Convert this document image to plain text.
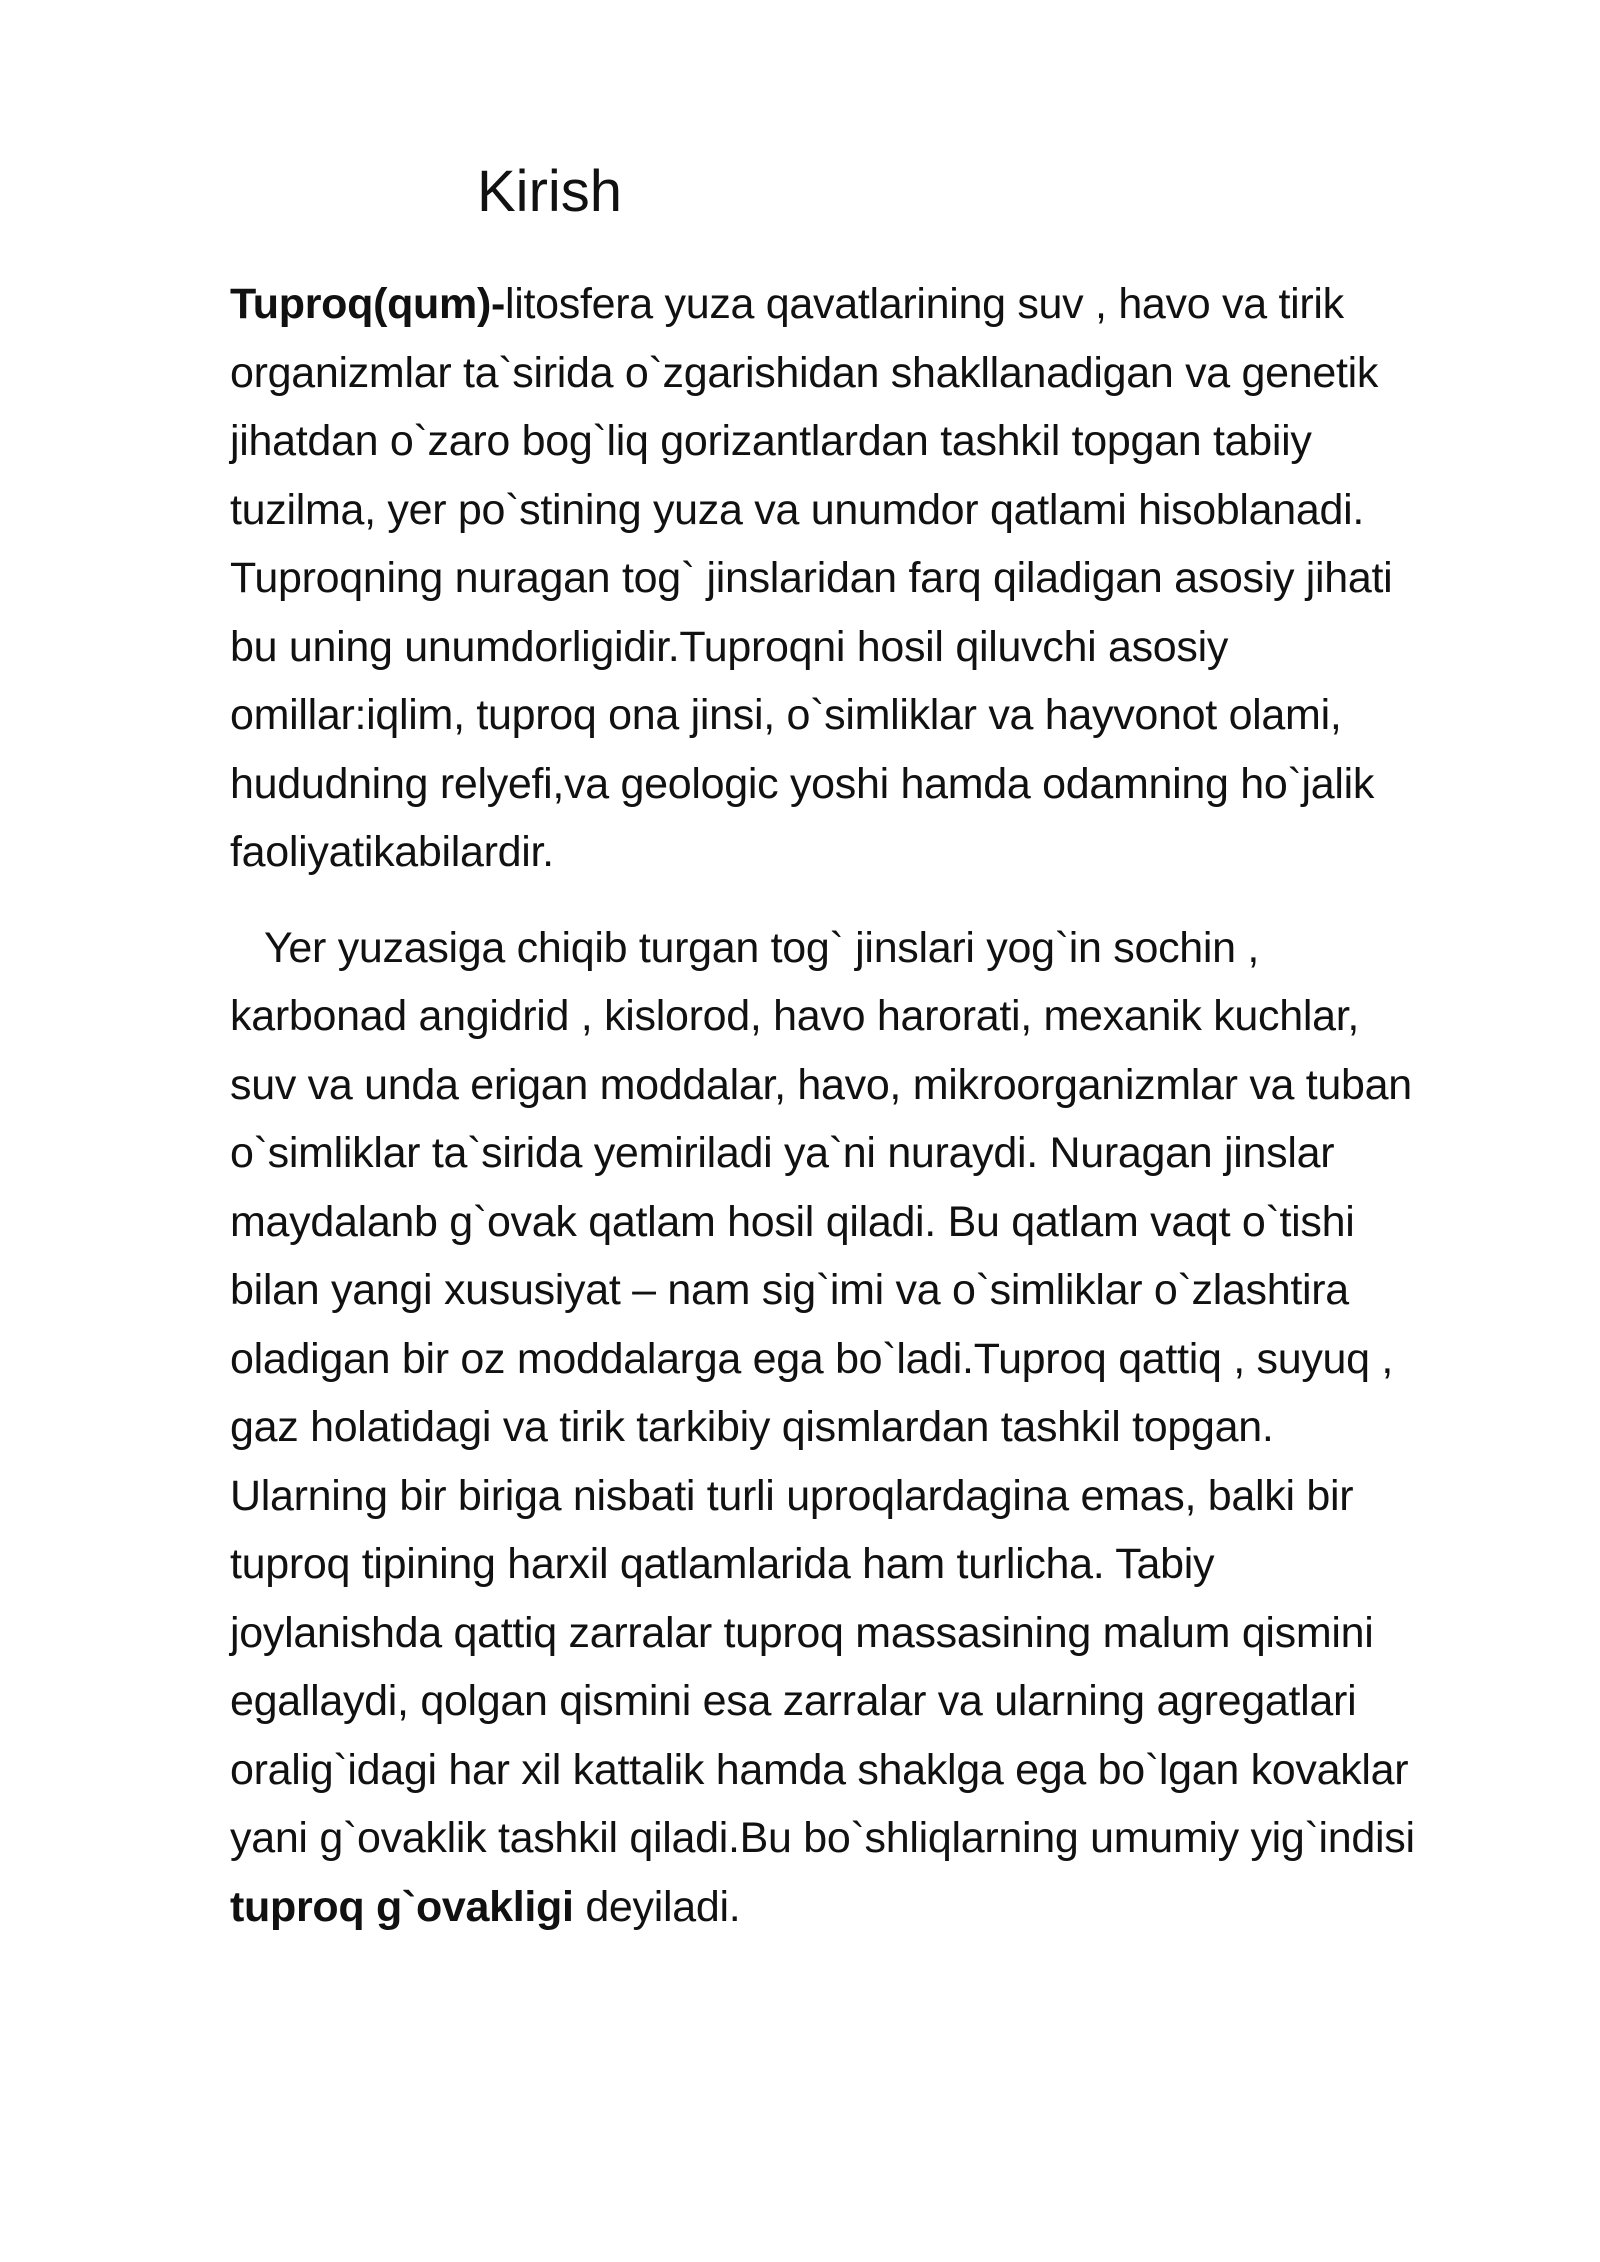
Kirish
Tuproq(qum)-litosfera yuza qavatlarining suv , havo va tirik
organizmlar ta`sirida o`zgarishidan shakllanadigan va genetik
jihatdan o`zaro bog`liq gorizantlardan tashkil topgan tabiiy
tuzilma, yer po`stining yuza va unumdor qatlami hisoblanadi.
Tuproqning nuragan tog` jinslaridan farq qiladigan asosiy jihati
bu uning unumdorligidir.Tuproqni hosil qiluvchi asosiy
omillar:iqlim, tuproq ona jinsi, o`simliklar va hayvonot olami,
hududning relyefi,va geologic yoshi hamda odamning ho`jalik
faoliyatikabilardir.
Yer yuzasiga chiqib turgan tog` jinslari yog`in sochin ,
karbonad angidrid , kislorod, havo harorati, mexanik kuchlar,
suv va unda erigan moddalar, havo, mikroorganizmlar va tuban
o`simliklar ta`sirida yemiriladi ya`ni nuraydi. Nuragan jinslar
maydalanb g`ovak qatlam hosil qiladi. Bu qatlam vaqt o`tishi
bilan yangi xususiyat – nam sig`imi va o`simliklar o`zlashtira
oladigan bir oz moddalarga ega bo`ladi.Tuproq qattiq , suyuq ,
gaz holatidagi va tirik tarkibiy qismlardan tashkil topgan.
Ularning bir biriga nisbati turli uproqlardagina emas, balki bir
tuproq tipining harxil qatlamlarida ham turlicha. Tabiy
joylanishda qattiq zarralar tuproq massasining malum qismini
egallaydi, qolgan qismini esa zarralar va ularning agregatlari
oralig`idagi har xil kattalik hamda shaklga ega bo`lgan kovaklar
yani g`ovaklik tashkil qiladi.Bu bo`shliqlarning umumiy yig`indisi
tuproq g`ovakligi deyiladi.
